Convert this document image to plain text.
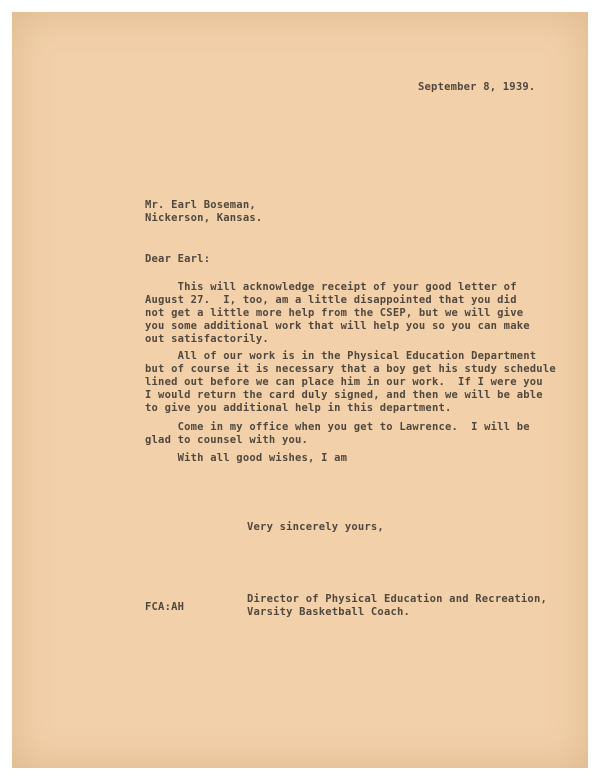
September 8, 1939.
Mr. Earl Boseman,
Nickerson, Kansas.
Dear Earl:
This will acknowledge receipt of your good letter of
August 27.  I, too, am a little disappointed that you did
not get a little more help from the CSEP, but we will give
you some additional work that will help you so you can make
out satisfactorily.
All of our work is in the Physical Education Department
but of course it is necessary that a boy get his study schedule
lined out before we can place him in our work.  If I were you
I would return the card duly signed, and then we will be able
to give you additional help in this department.
Come in my office when you get to Lawrence.  I will be
glad to counsel with you.
With all good wishes, I am
Very sincerely yours,
FCA:AH
Director of Physical Education and Recreation,
Varsity Basketball Coach.
